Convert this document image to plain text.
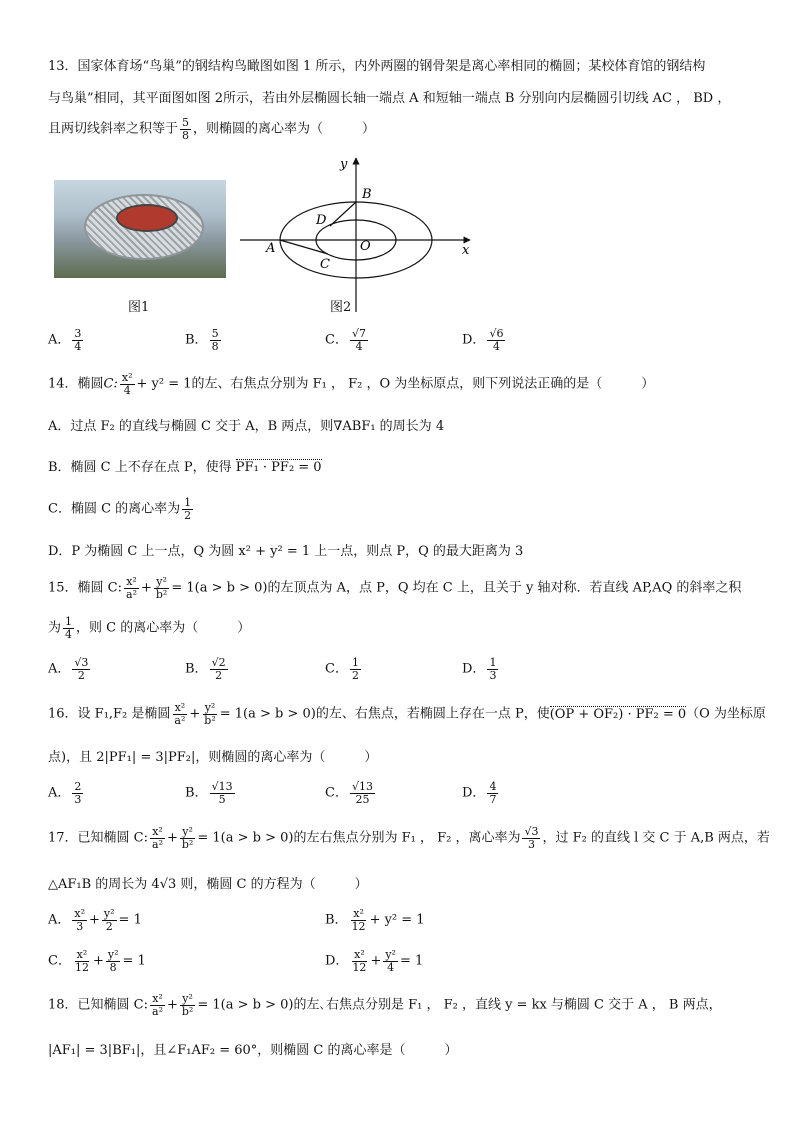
13．国家体育场“鸟巢”的钢结构鸟瞰图如图 1 所示，内外两圈的钢骨架是离心率相同的椭圆；某校体育馆的钢结构
与鸟巢”相同，其平面图如图 2所示，若由外层椭圆长轴一端点 A 和短轴一端点 B 分别向内层椭圆引切线 AC ， BD ，
且两切线斜率之积等于 $\frac{5}{8}$ ，则椭圆的离心率为（　　　）
图1
y
x
B
D
A	O
C
图2
A． $\frac{3}{4}$	B． $\frac{5}{8}$	C． $\frac{√7}{4}$	D． $\frac{√6}{4}$
14．椭圆C: $\frac{\text{x²}}{4} + y^2 = 1$的左、右焦点分别为 F₁ ， F₂ ，O 为坐标原点，则下列说法正确的是（　　　）
A．过点 F₂ 的直线与椭圆 C 交于 A，B 两点，则∇ABF₁ 的周长为 4
B．椭圆 C 上不存在点 P，使得 PF₁ · PF₂ = 0
C．椭圆 C 的离心率为 $\frac{1}{2}$
D．P 为椭圆 C 上一点，Q 为圆 x² + y² = 1 上一点，则点 P，Q 的最大距离为 3
15．椭圆 C: $\frac{\text{x²}}{\text{a²}} + \frac{\text{y²}}{\text{b²}} = 1(a > b > 0)$的左顶点为 A，点 P，Q 均在 C 上，且关于 y 轴对称．若直线 AP,AQ 的斜率之积
为 $\frac{1}{4}$ ，则 C 的离心率为（　　　）
A． $\frac{√3}{2}$	B． $\frac{√2}{2}$	C． $\frac{1}{2}$	D． $\frac{1}{3}$
16．设 F₁,F₂ 是椭圆 $\frac{\text{x²}}{\text{a²}} + \frac{\text{y²}}{\text{b²}} = 1(a > b > 0)$的左、右焦点，若椭圆上存在一点 P，使(OP + OF₂) · PF₂ = 0（O 为坐标原
点)，且 2|PF₁| = 3|PF₂|，则椭圆的离心率为（　　　）
A． $\frac{2}{3}$	B． $\frac{√13}{5}$	C． $\frac{√13}{25}$	D． $\frac{4}{7}$
17．已知椭圆 C: $\frac{\text{x²}}{\text{a²}} + \frac{\text{y²}}{\text{b²}} = 1(a > b > 0)$的左右焦点分别为 F₁ ， F₂ ，离心率为 $\frac{√3}{3}$ ，过 F₂ 的直线 l 交 C 于 A,B 两点，若
△AF₁B 的周长为 4√3 则，椭圆 C 的方程为（　　　）
A． $\frac{\text{x²}}{3} + \frac{\text{y²}}{2} = 1$	B． $\frac{\text{x²}}{12} + y^2 = 1$
C． $\frac{\text{x²}}{12} + \frac{\text{y²}}{8} = 1$	D． $\frac{\text{x²}}{12} + \frac{\text{y²}}{4} = 1$
18．已知椭圆 C: $\frac{\text{x²}}{\text{a²}} + \frac{\text{y²}}{\text{b²}} = 1(a > b > 0)$的左､右焦点分别是 F₁ ， F₂ ，直线 y = kx 与椭圆 C 交于 A ， B 两点，
|AF₁| = 3|BF₁|，且∠F₁AF₂ = 60°，则椭圆 C 的离心率是（　　　）
